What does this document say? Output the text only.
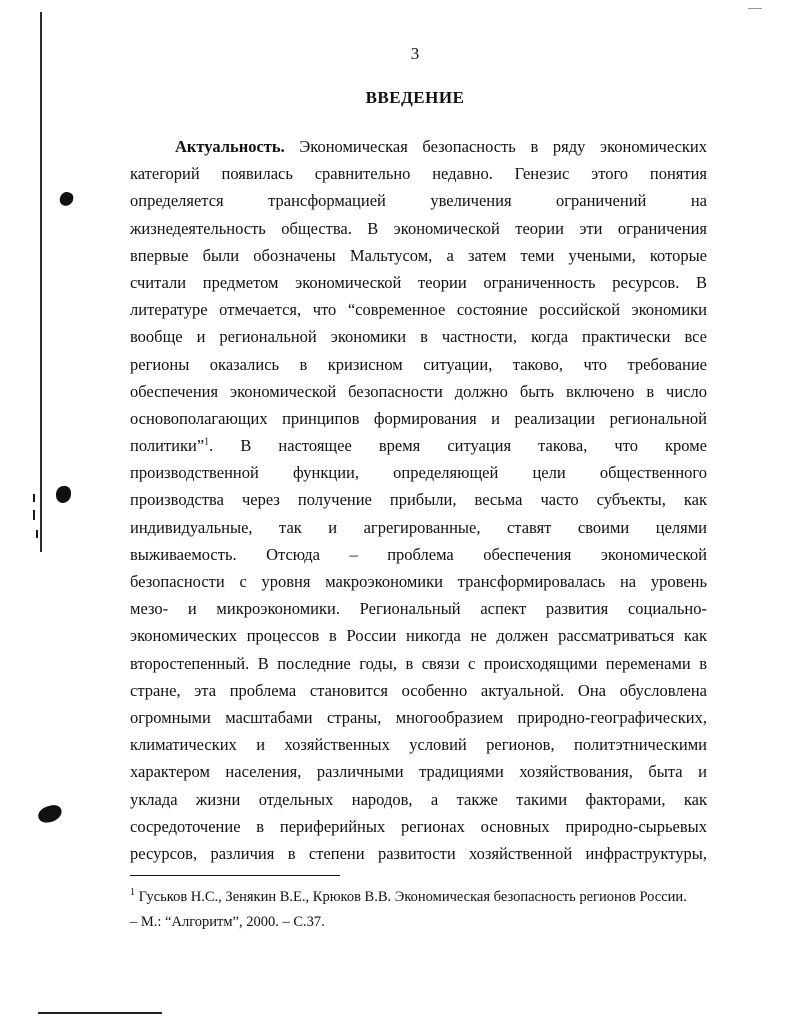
3
ВВЕДЕНИЕ
Актуальность. Экономическая безопасность в ряду экономических
категорий появилась сравнительно недавно. Генезис этого понятия
определяется трансформацией увеличения ограничений на
жизнедеятельность общества. В экономической теории эти ограничения
впервые были обозначены Мальтусом, а затем теми учеными, которые
считали предметом экономической теории ограниченность ресурсов. В
литературе отмечается, что “современное состояние российской экономики
вообще и региональной экономики в частности, когда практически все
регионы оказались в кризисном ситуации, таково, что требование
обеспечения экономической безопасности должно быть включено в число
основополагающих принципов формирования и реализации региональной
политики”$^1$. В настоящее время ситуация такова, что кроме
производственной функции, определяющей цели общественного
производства через получение прибыли, весьма часто субъекты, как
индивидуальные, так и агрегированные, ставят своими целями
выживаемость. Отсюда – проблема обеспечения экономической
безопасности с уровня макроэкономики трансформировалась на уровень
мезо- и микроэкономики. Региональный аспект развития социально-
экономических процессов в России никогда не должен рассматриваться как
второстепенный. В последние годы, в связи с происходящими переменами в
стране, эта проблема становится особенно актуальной. Она обусловлена
огромными масштабами страны, многообразием природно-географических,
климатических и хозяйственных условий регионов, политэтническими
характером населения, различными традициями хозяйствования, быта и
уклада жизни отдельных народов, а также такими факторами, как
сосредоточение в периферийных регионах основных природно-сырьевых
ресурсов, различия в степени развитости хозяйственной инфраструктуры,
$^1$ Гуськов Н.С., Зенякин В.Е., Крюков В.В. Экономическая безопасность регионов России.
– М.: “Алгоритм”, 2000. – С.37.
